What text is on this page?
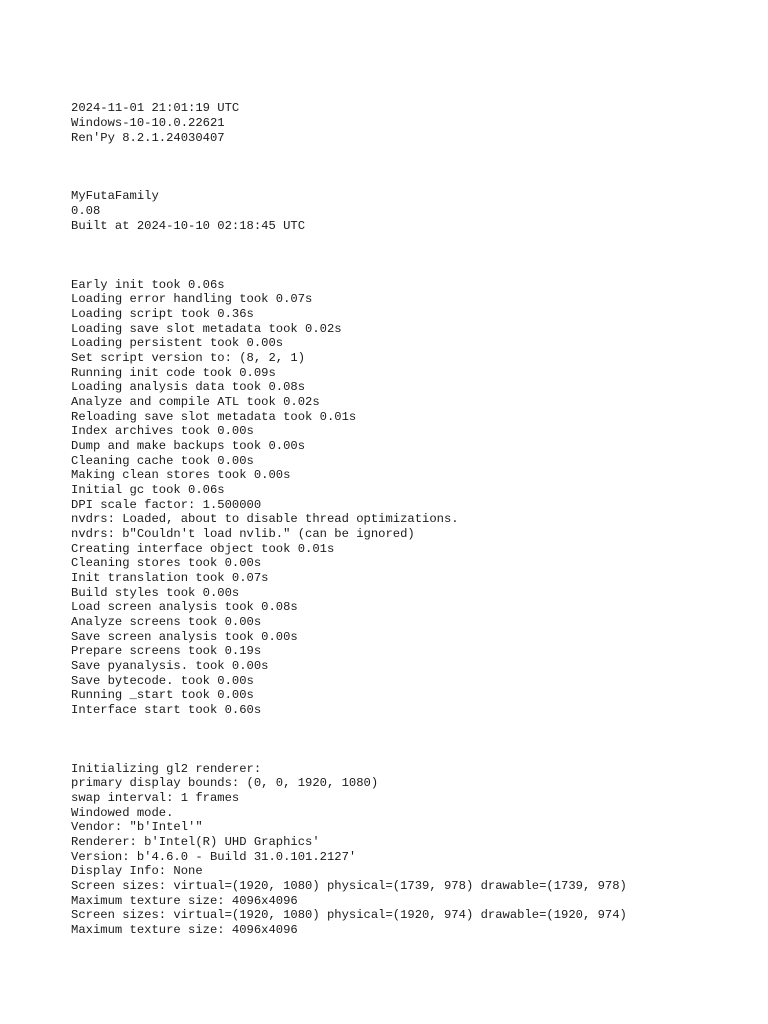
2024-11-01 21:01:19 UTC
Windows-10-10.0.22621
Ren'Py 8.2.1.24030407

MyFutaFamily
0.08
Built at 2024-10-10 02:18:45 UTC

Early init took 0.06s
Loading error handling took 0.07s
Loading script took 0.36s
Loading save slot metadata took 0.02s
Loading persistent took 0.00s
Set script version to: (8, 2, 1)
Running init code took 0.09s
Loading analysis data took 0.08s
Analyze and compile ATL took 0.02s
Reloading save slot metadata took 0.01s
Index archives took 0.00s
Dump and make backups took 0.00s
Cleaning cache took 0.00s
Making clean stores took 0.00s
Initial gc took 0.06s
DPI scale factor: 1.500000
nvdrs: Loaded, about to disable thread optimizations.
nvdrs: b"Couldn't load nvlib." (can be ignored)
Creating interface object took 0.01s
Cleaning stores took 0.00s
Init translation took 0.07s
Build styles took 0.00s
Load screen analysis took 0.08s
Analyze screens took 0.00s
Save screen analysis took 0.00s
Prepare screens took 0.19s
Save pyanalysis. took 0.00s
Save bytecode. took 0.00s
Running _start took 0.00s
Interface start took 0.60s

Initializing gl2 renderer:
primary display bounds: (0, 0, 1920, 1080)
swap interval: 1 frames
Windowed mode.
Vendor: "b'Intel'"
Renderer: b'Intel(R) UHD Graphics'
Version: b'4.6.0 - Build 31.0.101.2127'
Display Info: None
Screen sizes: virtual=(1920, 1080) physical=(1739, 978) drawable=(1739, 978)
Maximum texture size: 4096x4096
Screen sizes: virtual=(1920, 1080) physical=(1920, 974) drawable=(1920, 974)
Maximum texture size: 4096x4096
